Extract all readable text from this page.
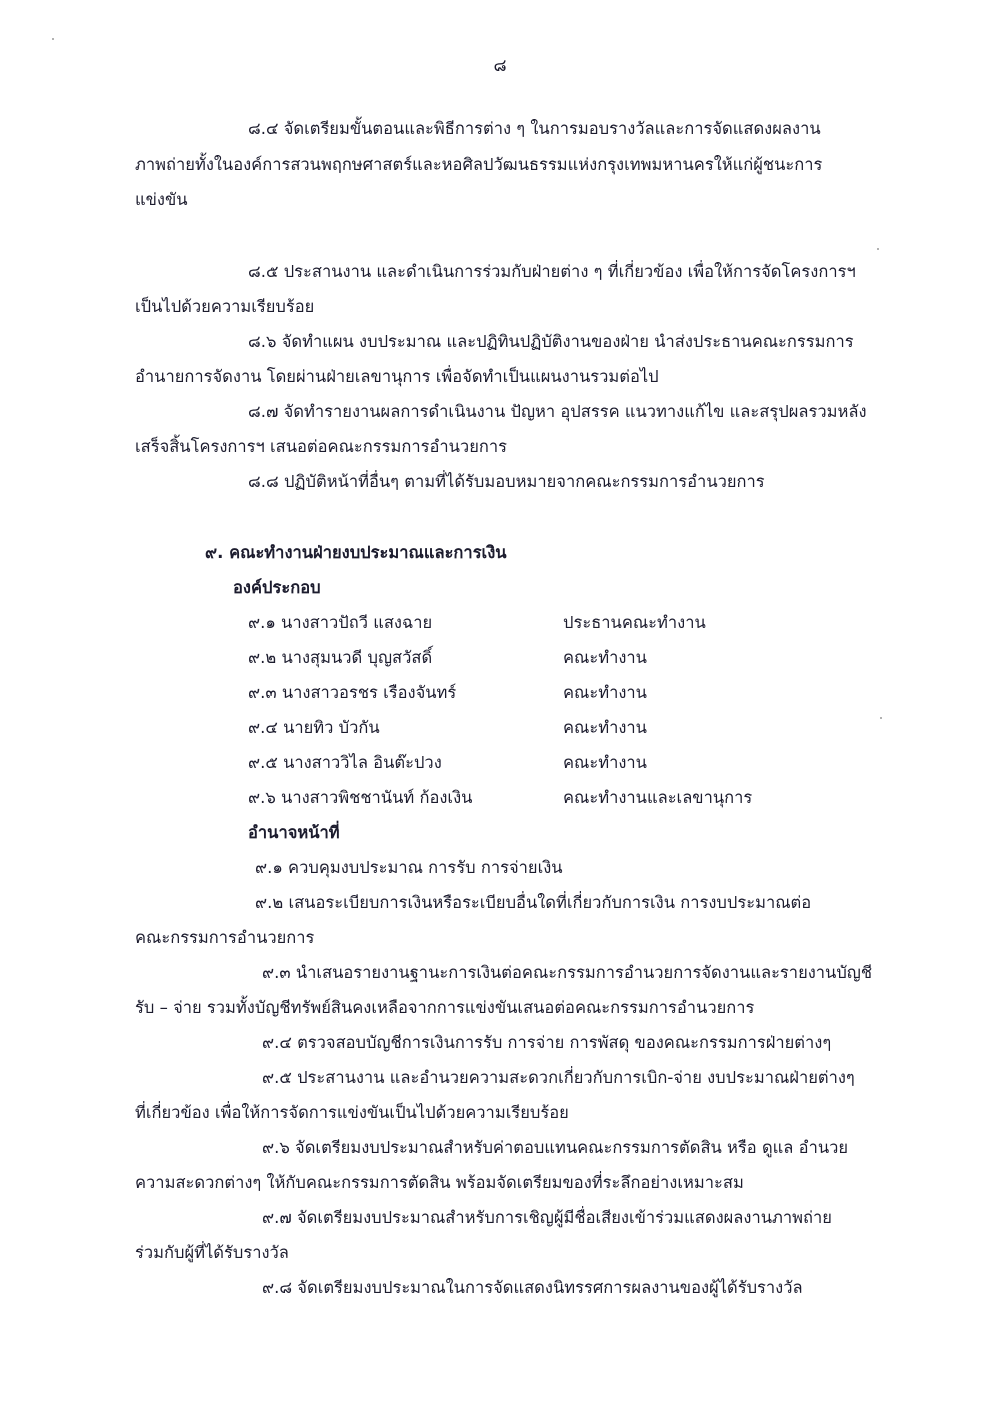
๘
๘.๔ จัดเตรียมขั้นตอนและพิธีการต่าง ๆ ในการมอบรางวัลและการจัดแสดงผลงาน
ภาพถ่ายทั้งในองค์การสวนพฤกษศาสตร์และหอศิลปวัฒนธรรมแห่งกรุงเทพมหานครให้แก่ผู้ชนะการ
แข่งขัน
๘.๕ ประสานงาน และดำเนินการร่วมกับฝ่ายต่าง ๆ ที่เกี่ยวข้อง เพื่อให้การจัดโครงการฯ
เป็นไปด้วยความเรียบร้อย
๘.๖ จัดทำแผน งบประมาณ และปฏิทินปฏิบัติงานของฝ่าย นำส่งประธานคณะกรรมการ
อำนายการจัดงาน โดยผ่านฝ่ายเลขานุการ เพื่อจัดทำเป็นแผนงานรวมต่อไป
๘.๗ จัดทำรายงานผลการดำเนินงาน ปัญหา อุปสรรค แนวทางแก้ไข และสรุปผลรวมหลัง
เสร็จสิ้นโครงการฯ เสนอต่อคณะกรรมการอำนวยการ
๘.๘ ปฏิบัติหน้าที่อื่นๆ ตามที่ได้รับมอบหมายจากคณะกรรมการอำนวยการ
๙. คณะทำงานฝ่ายงบประมาณและการเงิน
องค์ประกอบ
๙.๑ นางสาวปัถวี แสงฉาย	ประธานคณะทำงาน
๙.๒ นางสุมนวดี บุญสวัสดิ์	คณะทำงาน
๙.๓ นางสาวอรชร เรืองจันทร์	คณะทำงาน
๙.๔ นายทิว บัวกัน	คณะทำงาน
๙.๕ นางสาววิไล อินต๊ะปวง	คณะทำงาน
๙.๖ นางสาวพิชชานันท์ ก้องเงิน	คณะทำงานและเลขานุการ
อำนาจหน้าที่
๙.๑ ควบคุมงบประมาณ การรับ การจ่ายเงิน
๙.๒ เสนอระเบียบการเงินหรือระเบียบอื่นใดที่เกี่ยวกับการเงิน การงบประมาณต่อ
คณะกรรมการอำนวยการ
๙.๓ นำเสนอรายงานฐานะการเงินต่อคณะกรรมการอำนวยการจัดงานและรายงานบัญชี
รับ – จ่าย รวมทั้งบัญชีทรัพย์สินคงเหลือจากการแข่งขันเสนอต่อคณะกรรมการอำนวยการ
๙.๔ ตรวจสอบบัญชีการเงินการรับ การจ่าย การพัสดุ ของคณะกรรมการฝ่ายต่างๆ
๙.๕ ประสานงาน และอำนวยความสะดวกเกี่ยวกับการเบิก-จ่าย งบประมาณฝ่ายต่างๆ
ที่เกี่ยวข้อง เพื่อให้การจัดการแข่งขันเป็นไปด้วยความเรียบร้อย
๙.๖ จัดเตรียมงบประมาณสำหรับค่าตอบแทนคณะกรรมการตัดสิน หรือ ดูแล อำนวย
ความสะดวกต่างๆ ให้กับคณะกรรมการตัดสิน พร้อมจัดเตรียมของที่ระลึกอย่างเหมาะสม
๙.๗ จัดเตรียมงบประมาณสำหรับการเชิญผู้มีชื่อเสียงเข้าร่วมแสดงผลงานภาพถ่าย
ร่วมกับผู้ที่ได้รับรางวัล
๙.๘ จัดเตรียมงบประมาณในการจัดแสดงนิทรรศการผลงานของผู้ได้รับรางวัล
